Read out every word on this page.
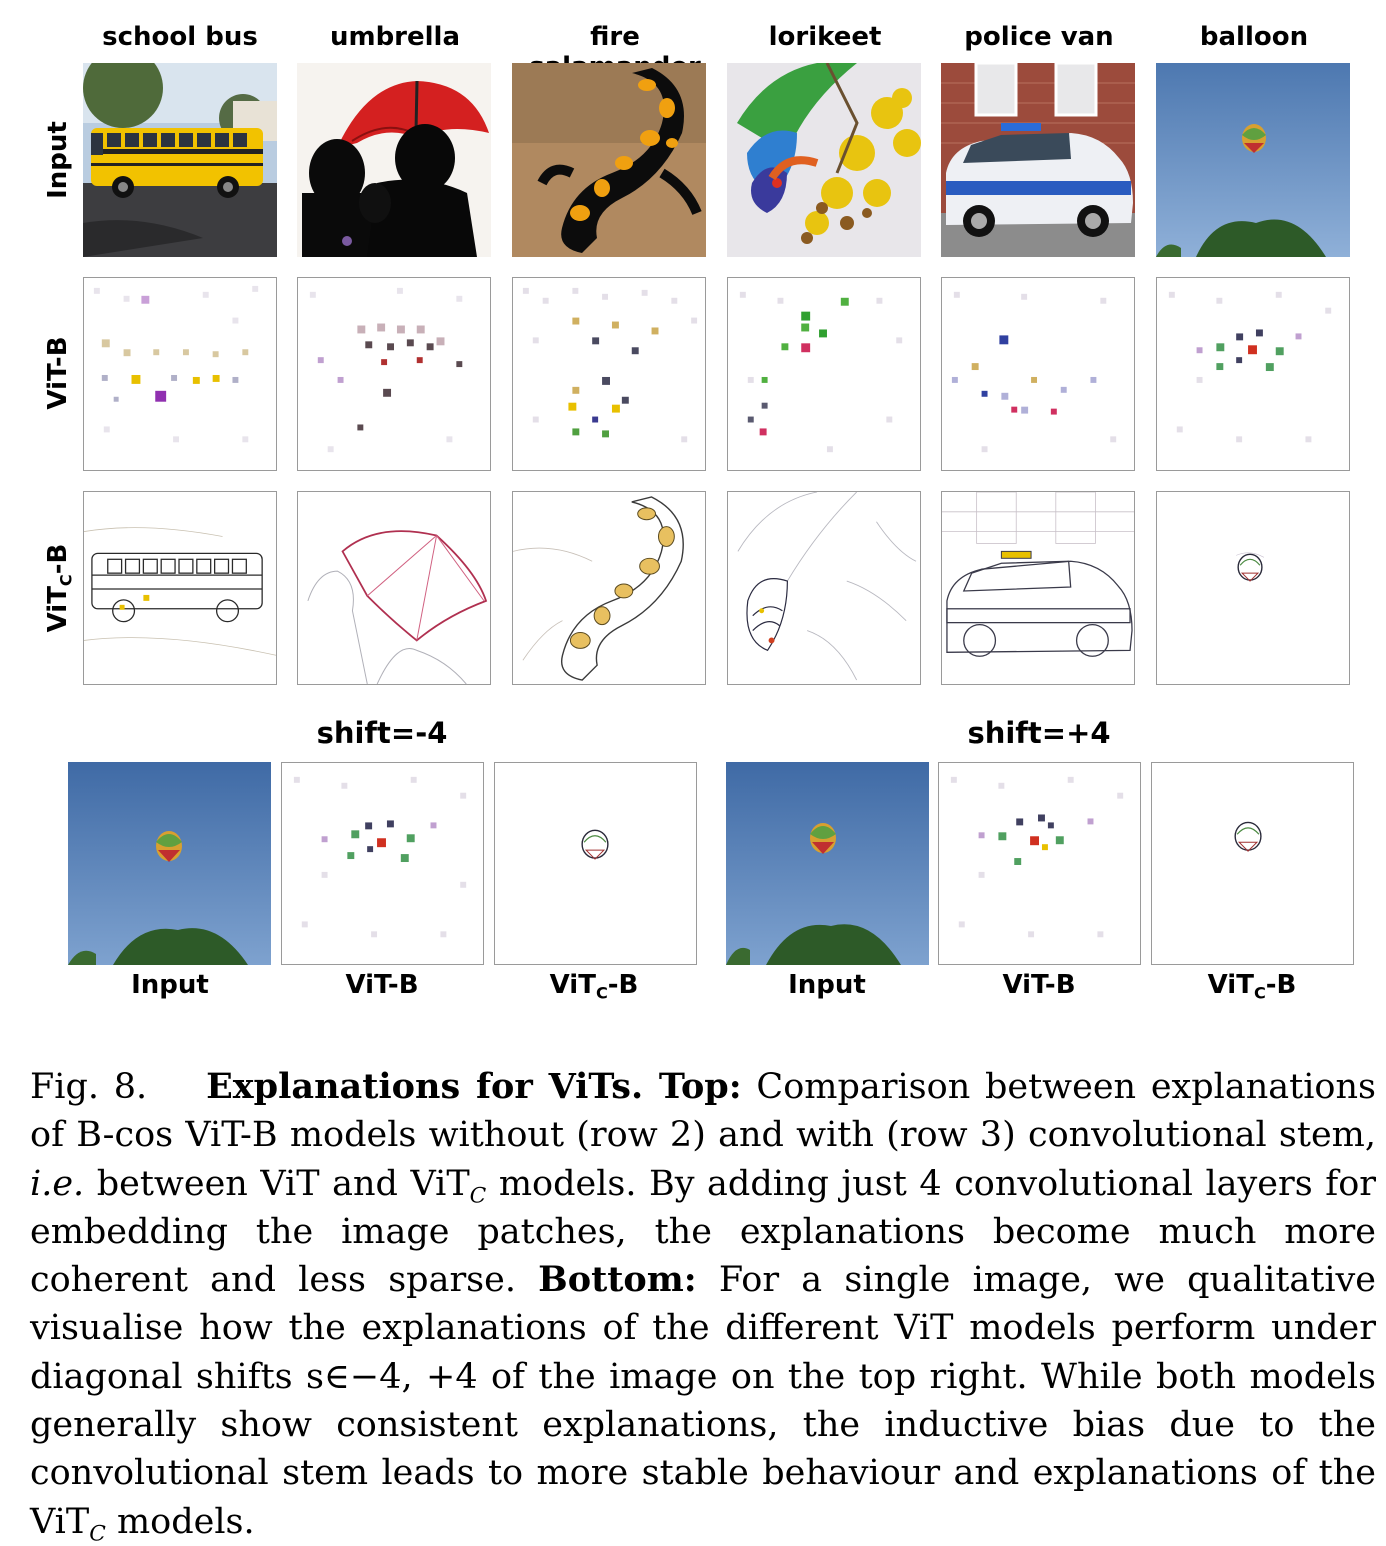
school bus	umbrella	fire	lorikeet	police van	balloon
Input
ViT-B
ViT$_C$-B
shift=-4	shift=+4
Input	ViT-B	ViT$_C$-B	Input	ViT-B	ViT$_C$-B
Fig. 8. Explanations for ViTs. Top: Comparison between explanations of B-cos ViT-B models without (row 2) and with (row 3) convolutional stem, i.e. between ViT and ViT$_C$ models. By adding just 4 convolutional layers for embedding the image patches, the explanations become much more coherent and less sparse. Bottom: For a single image, we qualitative visualise how the explanations of the different ViT models perform under diagonal shifts s∈−4, +4 of the image on the top right. While both models generally show consistent explanations, the inductive bias due to the convolutional stem leads to more stable behaviour and explanations of the ViT$_C$ models.
